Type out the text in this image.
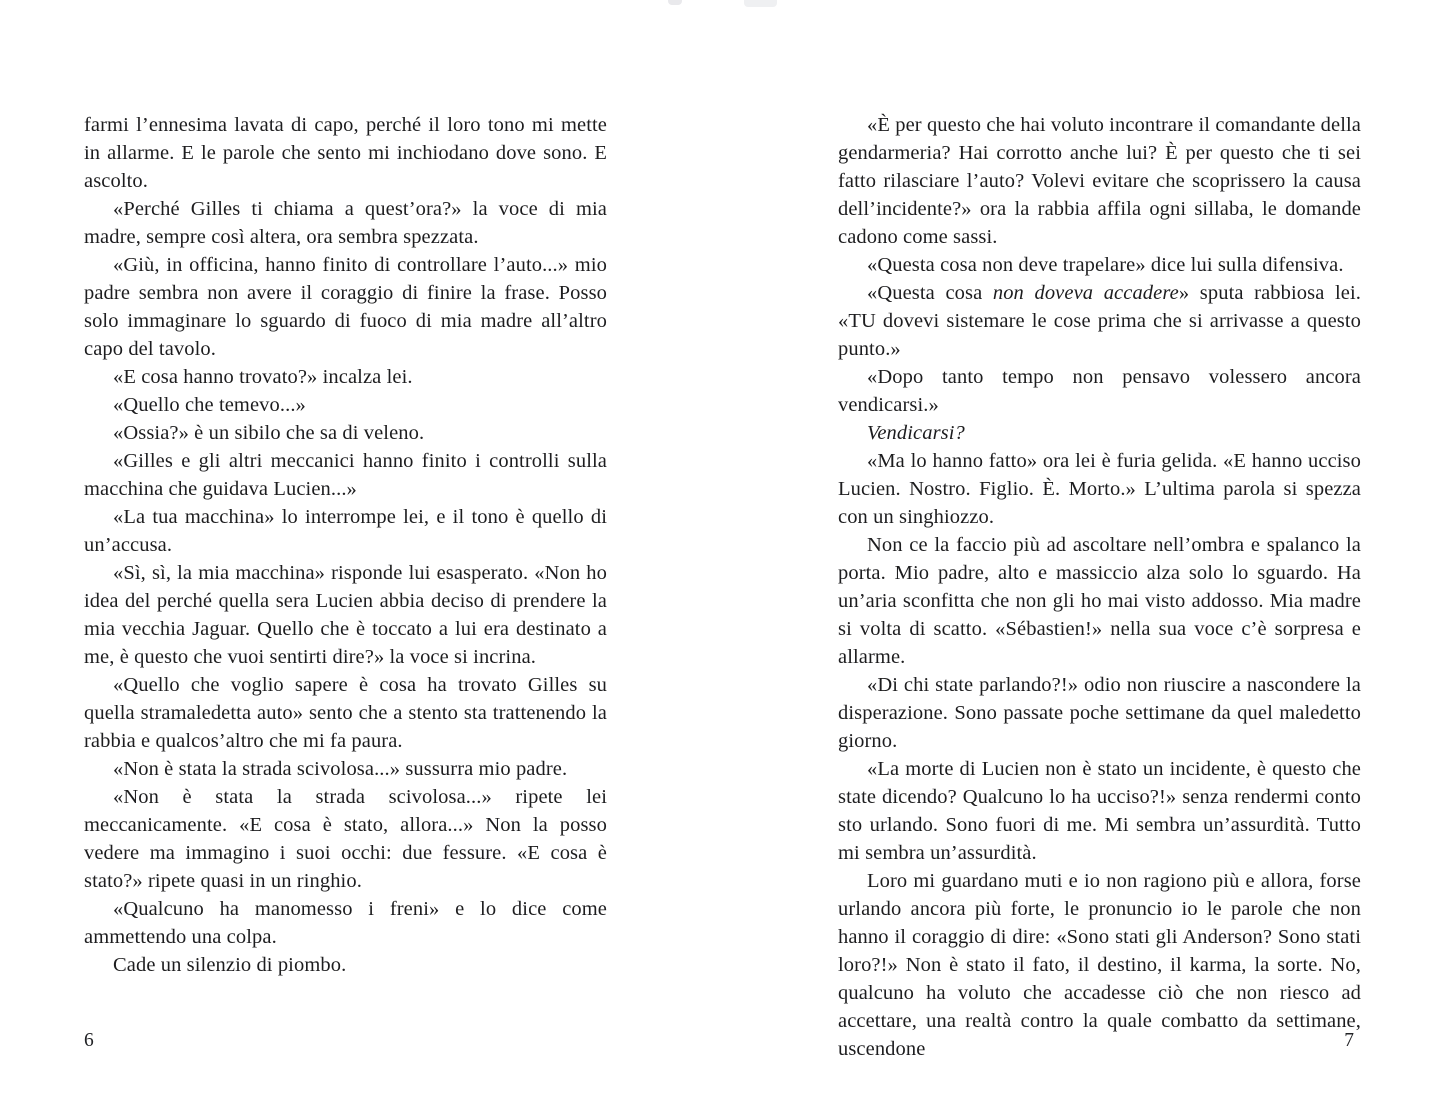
farmi l’ennesima lavata di capo, perché il loro tono mi mette in allarme. E le parole che sento mi inchiodano dove sono. E ascolto.

«Perché Gilles ti chiama a quest’ora?» la voce di mia madre, sempre così altera, ora sembra spezzata.

«Giù, in officina, hanno finito di controllare l’auto...» mio padre sembra non avere il coraggio di finire la frase. Posso solo immaginare lo sguardo di fuoco di mia madre all’altro capo del tavolo.

«E cosa hanno trovato?» incalza lei.

«Quello che temevo...»

«Ossia?» è un sibilo che sa di veleno.

«Gilles e gli altri meccanici hanno finito i controlli sulla macchina che guidava Lucien...»

«La tua macchina» lo interrompe lei, e il tono è quello di un’accusa.

«Sì, sì, la mia macchina» risponde lui esasperato. «Non ho idea del perché quella sera Lucien abbia deciso di prendere la mia vecchia Jaguar. Quello che è toccato a lui era destinato a me, è questo che vuoi sentirti dire?» la voce si incrina.

«Quello che voglio sapere è cosa ha trovato Gilles su quella stramaledetta auto» sento che a stento sta trattenendo la rabbia e qualcos’altro che mi fa paura.

«Non è stata la strada scivolosa...» sussurra mio padre.

«Non è stata la strada scivolosa...» ripete lei meccanicamente. «E cosa è stato, allora...» Non la posso vedere ma immagino i suoi occhi: due fessure. «E cosa è stato?» ripete quasi in un ringhio.

«Qualcuno ha manomesso i freni» e lo dice come ammettendo una colpa.

Cade un silenzio di piombo.

«È per questo che hai voluto incontrare il comandante della gendarmeria? Hai corrotto anche lui? È per questo che ti sei fatto rilasciare l’auto? Volevi evitare che scoprissero la causa dell’incidente?» ora la rabbia affila ogni sillaba, le domande cadono come sassi.

«Questa cosa non deve trapelare» dice lui sulla difensiva.

«Questa cosa non doveva accadere» sputa rabbiosa lei. «TU dovevi sistemare le cose prima che si arrivasse a questo punto.»

«Dopo tanto tempo non pensavo volessero ancora vendicarsi.»

Vendicarsi?

«Ma lo hanno fatto» ora lei è furia gelida. «E hanno ucciso Lucien. Nostro. Figlio. È. Morto.» L’ultima parola si spezza con un singhiozzo.

Non ce la faccio più ad ascoltare nell’ombra e spalanco la porta. Mio padre, alto e massiccio alza solo lo sguardo. Ha un’aria sconfitta che non gli ho mai visto addosso. Mia madre si volta di scatto. «Sébastien!» nella sua voce c’è sorpresa e allarme.

«Di chi state parlando?!» odio non riuscire a nascondere la disperazione. Sono passate poche settimane da quel maledetto giorno.

«La morte di Lucien non è stato un incidente, è questo che state dicendo? Qualcuno lo ha ucciso?!» senza rendermi conto sto urlando. Sono fuori di me. Mi sembra un’assurdità. Tutto mi sembra un’assurdità.

Loro mi guardano muti e io non ragiono più e allora, forse urlando ancora più forte, le pronuncio io le parole che non hanno il coraggio di dire: «Sono stati gli Anderson? Sono stati loro?!» Non è stato il fato, il destino, il karma, la sorte. No, qualcuno ha voluto che accadesse ciò che non riesco ad accettare, una realtà contro la quale combatto da settimane, uscendone

6	7
